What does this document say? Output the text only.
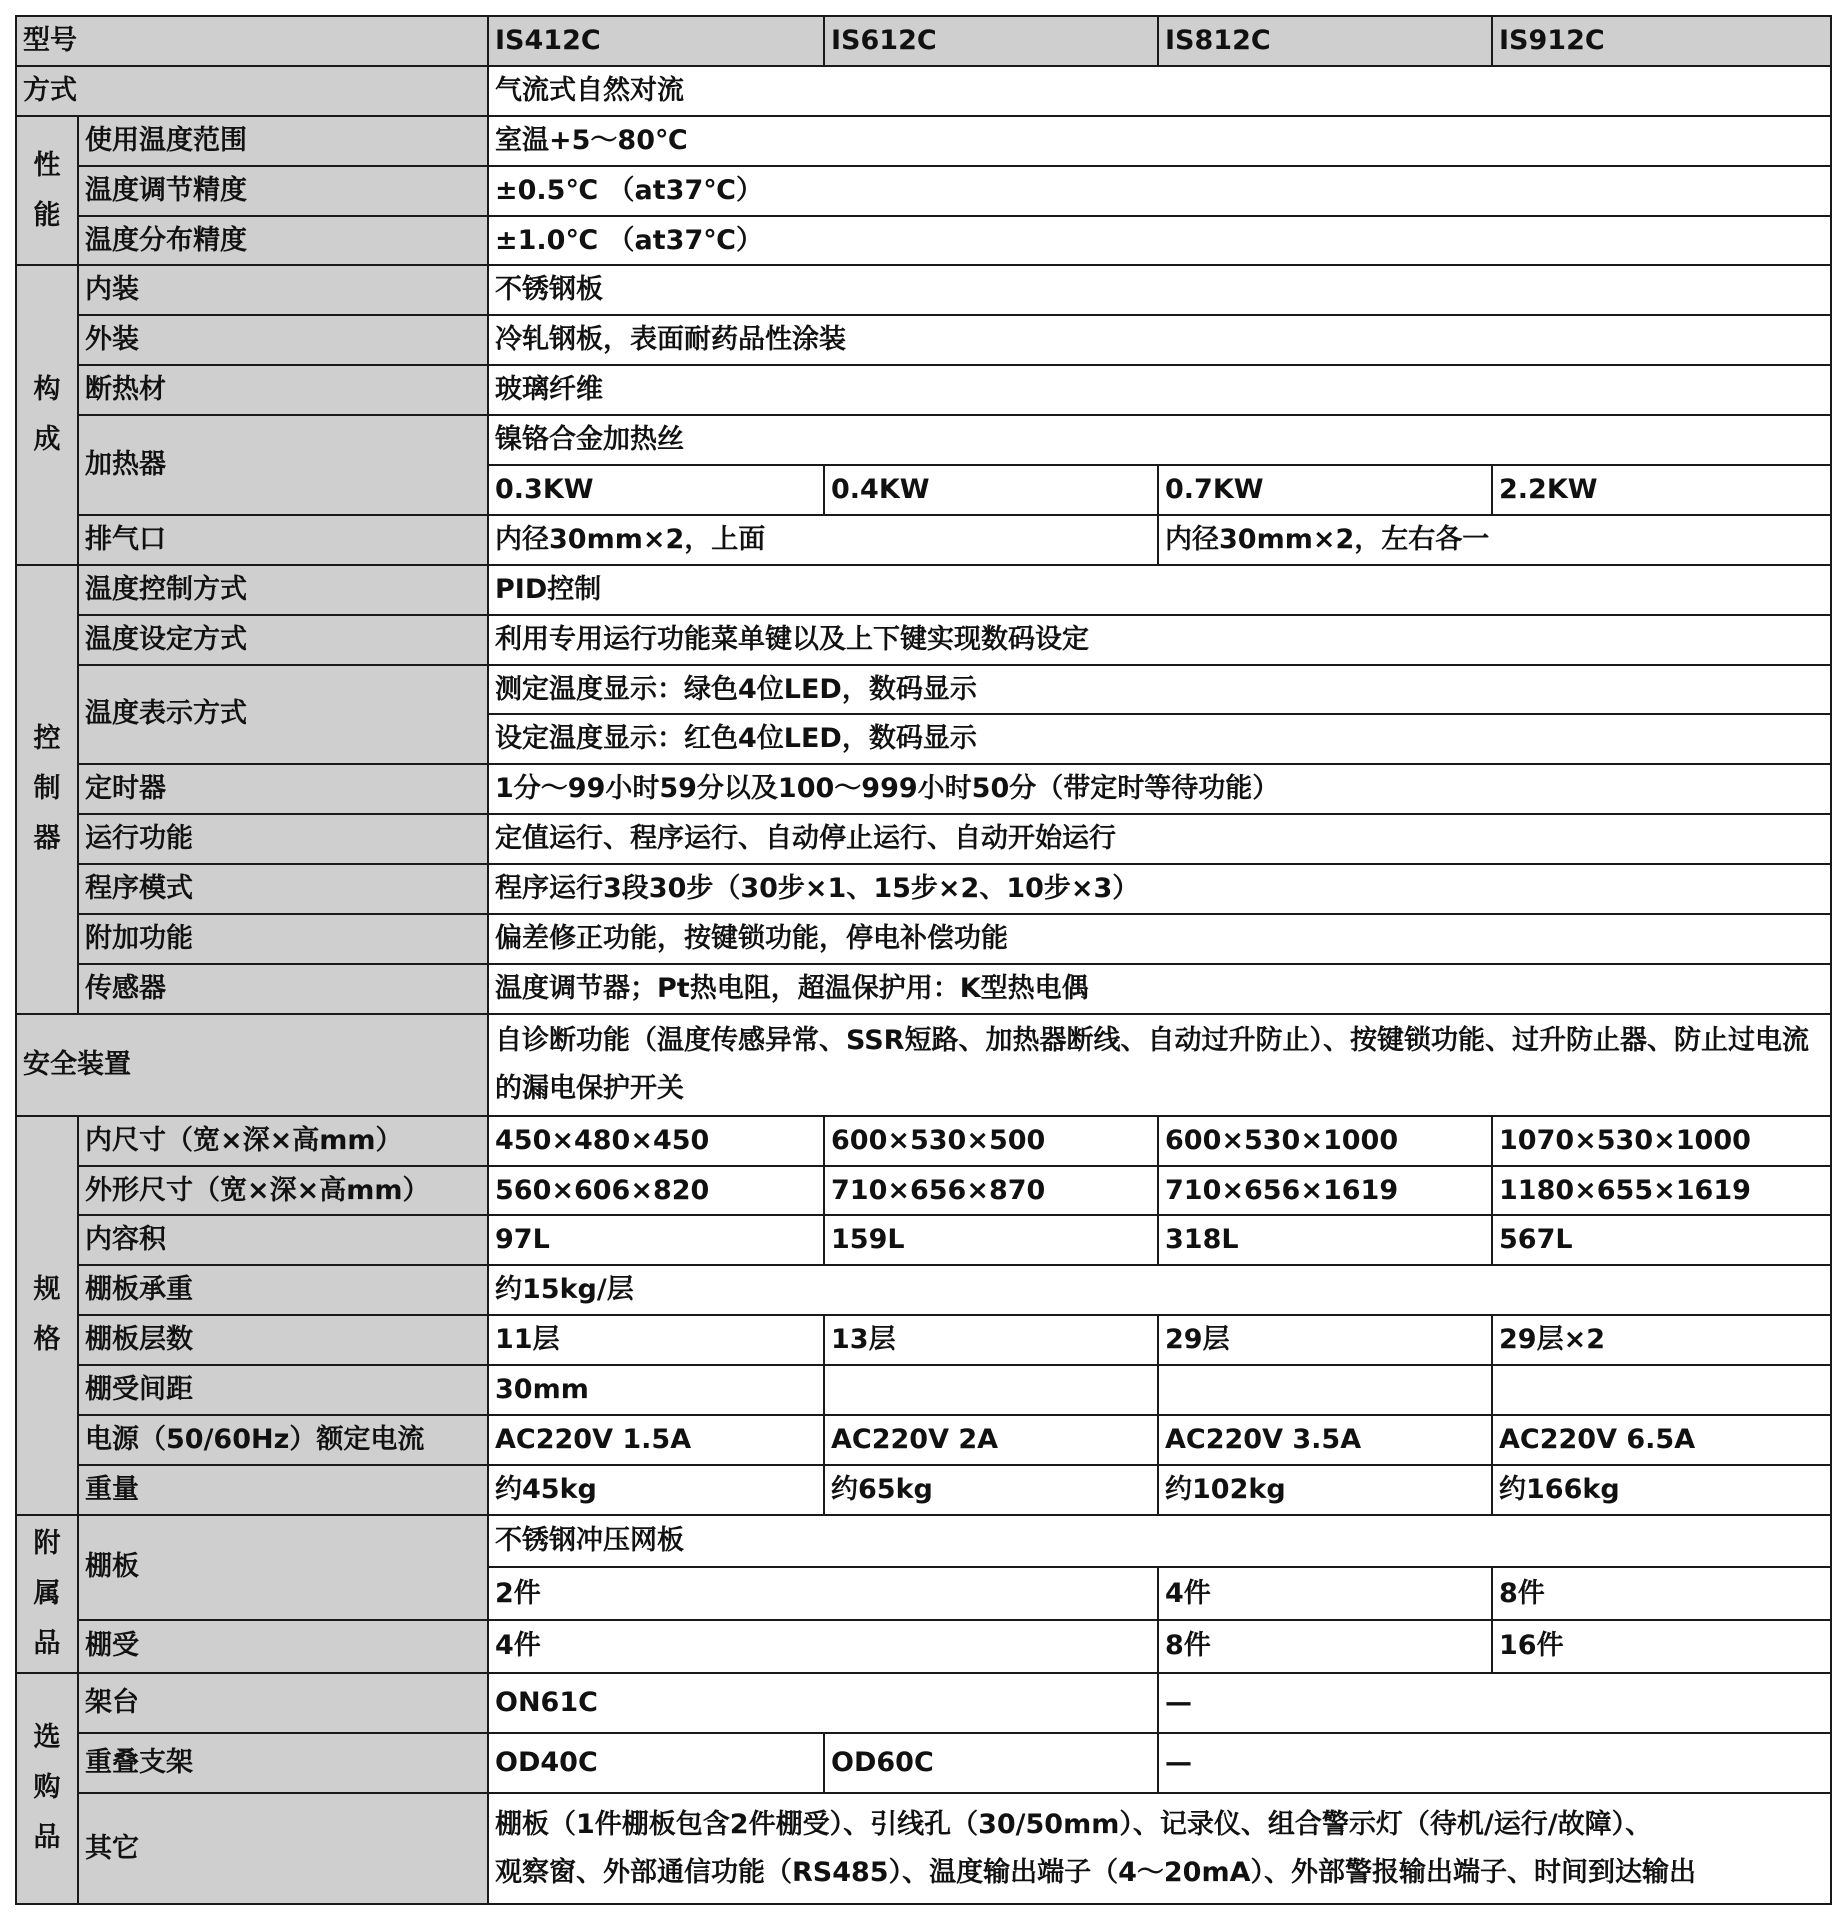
型号		IS412C	IS612C	IS812C	IS912C
方式		气流式自然对流			
性能	使用温度范围	室温+5～80℃			
	温度调节精度	±0.5℃ （at37℃）			
	温度分布精度	±1.0℃ （at37℃）			
构成	内装	不锈钢板			
	外装	冷轧钢板，表面耐药品性涂装			
	断热材	玻璃纤维			
	加热器	镍铬合金加热丝			
		0.3KW	0.4KW	0.7KW	2.2KW
	排气口	内径30mm×2，上面		内径30mm×2，左右各一	
控制器	温度控制方式	PID控制			
	温度设定方式	利用专用运行功能菜单键以及上下键实现数码设定			
	温度表示方式	测定温度显示：绿色4位LED，数码显示			
		设定温度显示：红色4位LED，数码显示			
	定时器	1分～99小时59分以及100～999小时50分（带定时等待功能）			
	运行功能	定值运行、程序运行、自动停止运行、自动开始运行			
	程序模式	程序运行3段30步（30步×1、15步×2、10步×3）			
	附加功能	偏差修正功能，按键锁功能，停电补偿功能			
	传感器	温度调节器；Pt热电阻，超温保护用：K型热电偶			
安全装置		自诊断功能（温度传感异常、SSR短路、加热器断线、自动过升防止）、按键锁功能、过升防止器、防止过电流的漏电保护开关			
规格	内尺寸（宽×深×高mm）	450×480×450	600×530×500	600×530×1000	1070×530×1000
	外形尺寸（宽×深×高mm）	560×606×820	710×656×870	710×656×1619	1180×655×1619
	内容积	97L	159L	318L	567L
	棚板承重	约15kg/层			
	棚板层数	11层	13层	29层	29层×2
	棚受间距	30mm			
	电源（50/60Hz）额定电流	AC220V 1.5A	AC220V 2A	AC220V 3.5A	AC220V 6.5A
	重量	约45kg	约65kg	约102kg	约166kg
附属品	棚板	不锈钢冲压网板			
		2件		4件	8件
	棚受	4件		8件	16件
选购品	架台	ON61C		—	
	重叠支架	OD40C	OD60C	—	
	其它	棚板（1件棚板包含2件棚受）、引线孔（30/50mm）、记录仪、组合警示灯（待机/运行/故障）、
观察窗、外部通信功能（RS485）、温度输出端子（4～20mA）、外部警报输出端子、时间到达输出			
